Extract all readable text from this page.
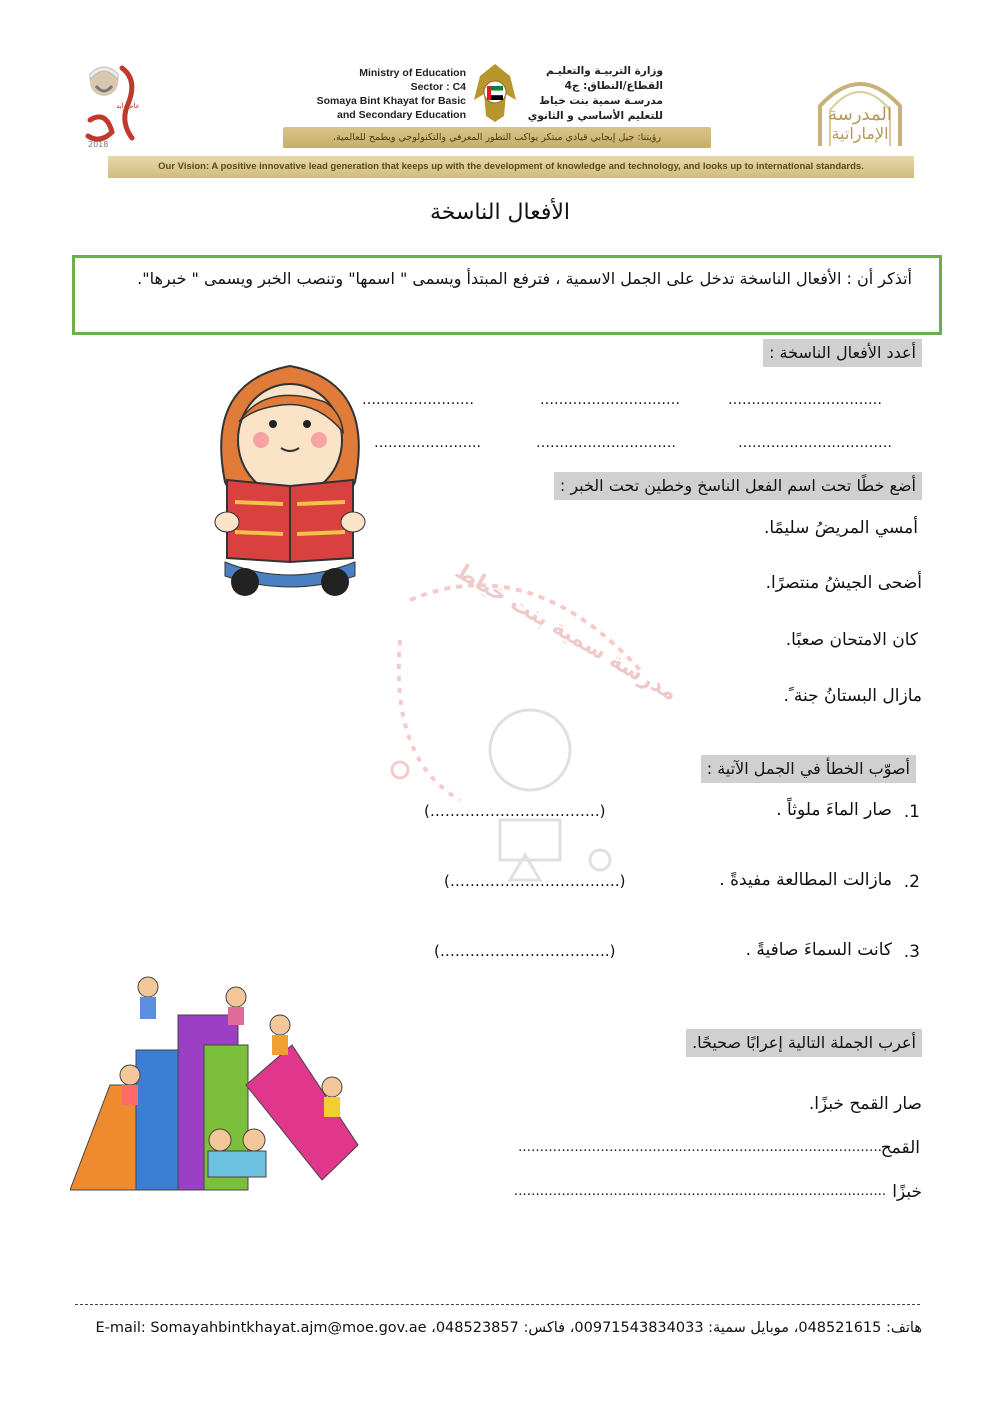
عام زايد
2018
Ministry of Education
Sector : C4
Somaya Bint Khayat for Basic
and Secondary Education
وزارة التربيـة والتعليـم
القطاع/النطاق: ج4
مدرسـة سمية بنت خياط
للتعليم الأساسي و الثانوي
رؤيتنا: جيل إيجابي قيادي مبتكر يواكب التطور المعرفي والتكنولوجي ويطمح للعالمية.
المدرسة
الإماراتية
Our Vision: A positive innovative lead generation that keeps up with the development of knowledge and technology, and looks up to international standards.
الأفعال الناسخة
أتذكر أن : الأفعال الناسخة تدخل على الجمل الاسمية ، فترفع المبتدأ ويسمى " اسمها" وتنصب الخبر ويسمى " خبرها".
مدرسة سمية بنت خياط
أعدد الأفعال الناسخة :
……………………………
…………………………
……………………
……………………………
…………………………
…………………..
أضع خطًا تحت اسم الفعل الناسخ وخطين تحت الخبر :
أمسي المريضُ سليمًا.
أضحى الجيشُ منتصرًا.
كان الامتحان صعبًا.
مازال البستانُ جنة ً.
أصوّب الخطأ في الجمل الآتية :
1.
صار الماءَ ملوثاً .
(…………………………….)
2.
مازالت المطالعة مفيدةً .
(…………………………….)
3.
كانت السماءَ صافيةً .
(…………………………….)
أعرب الجملة التالية إعرابًا صحيحًا.
صار القمح خبزًا.
القمح
…………………………………………………………………………
خبزًا
…………………………………………………………………………..
هاتف: 048521615، موبايل سمية: 00971543834033، فاكس: 048523857، E-mail: Somayahbintkhayat.ajm@moe.gov.ae
